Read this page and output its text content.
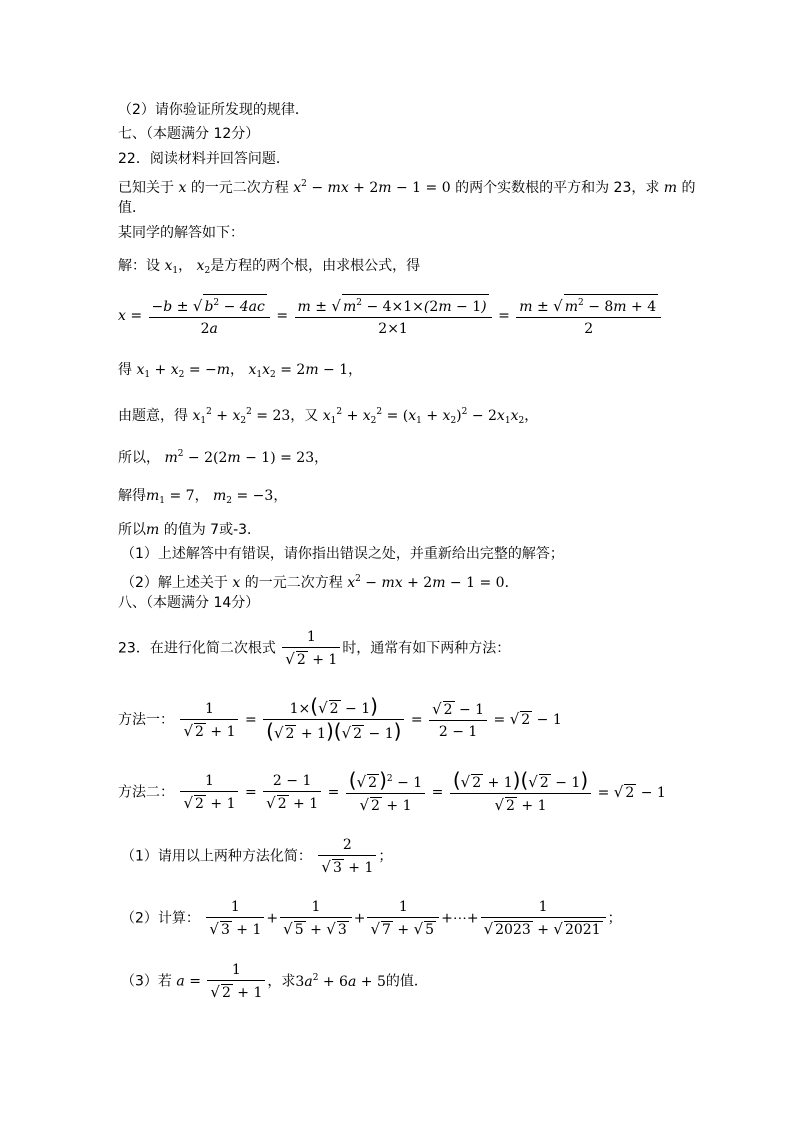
（2）请你验证所发现的规律．
七、（本题满分 12分）
22．阅读材料并回答问题．
已知关于 x 的一元二次方程 $x^2$ − mx + 2m − 1 = 0 的两个实数根的平方和为 23，求 m 的
值．
某同学的解答如下：
解：设 $x_1$， $x_2$是方程的两个根，由求根公式，得
$x = \frac{-b \pm √ b^2 - 4ac}{2a} = \frac{m \pm √ m^2 - 4\times 1\times(2m - 1)}{2\times 1} = \frac{m \pm √ m^2 - 8m + 4}{2}$
得 $x_1 + x_2 = -m$， $x_1x_2 = 2m - 1$，
由题意，得 $x_1^2 + x_2^2 = 23$，又 $x_1^2 + x_2^2 = (x_1 + x_2)^2 - 2x_1x_2$，
所以， $m^2 - 2(2m - 1) = 23$，
解得$m_1 = 7$， $m_2 = -3$，
所以m 的值为 7或-3．
（1）上述解答中有错误，请你指出错误之处，并重新给出完整的解答；
（2）解上述关于 x 的一元二次方程 $x^2$ − mx + 2m − 1 = 0．
八、（本题满分 14分）
23．在进行化简二次根式 $\frac{1}{√ 2 + 1}$ 时，通常有如下两种方法：
方法一： $\frac{1}{√ 2 + 1} = \frac{1\times(√ 2 - 1)}{(√ 2 + 1)(√ 2 - 1)} = \frac{√ 2 - 1}{2 - 1}$ = √ 2 − 1
方法二： $\frac{1}{√ 2 + 1} = \frac{2 - 1}{√ 2 + 1} = \frac{(√ 2 )^2 - 1}{√ 2 + 1} = \frac{(√ 2 + 1)(√ 2 - 1)}{√ 2 + 1}$ = √ 2 − 1
（1）请用以上两种方法化简： $\frac{2}{√ 3 + 1}$ ；
（2）计算： $\frac{1}{√ 3 + 1} + \frac{1}{√ 5 + √ 3} + \frac{1}{√ 7 + √ 5}$ +⋯+ $\frac{1}{√ 2023 + √ 2021}$ ；
（3）若 $a = \frac{1}{√ 2 + 1}$ ，求$3a^2 + 6a + 5$的值．
